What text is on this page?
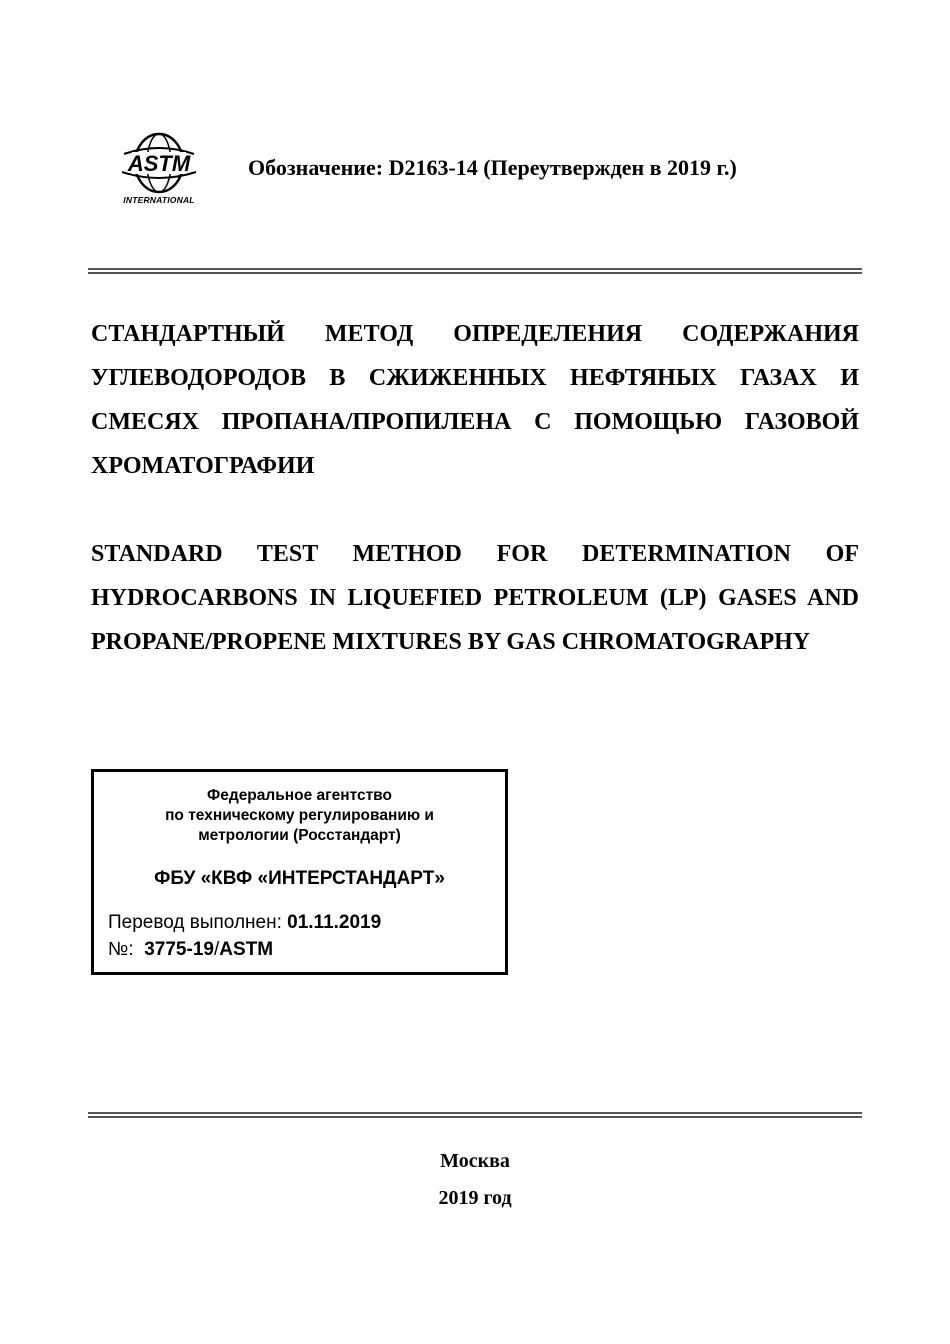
ASTM
INTERNATIONAL
Обозначение: D2163-14 (Переутвержден в 2019 г.)
СТАНДАРТНЫЙ МЕТОД ОПРЕДЕЛЕНИЯ СОДЕРЖАНИЯ УГЛЕВОДОРОДОВ В СЖИЖЕННЫХ НЕФТЯНЫХ ГАЗАХ И СМЕСЯХ ПРОПАНА/ПРОПИЛЕНА С ПОМОЩЬЮ ГАЗОВОЙ ХРОМАТОГРАФИИ
STANDARD TEST METHOD FOR DETERMINATION OF HYDROCARBONS IN LIQUEFIED PETROLEUM (LP) GASES AND PROPANE/PROPENE MIXTURES BY GAS CHROMATOGRAPHY
Федеральное агентство
по техническому регулированию и
метрологии (Росстандарт)
ФБУ «КВФ «ИНТЕРСТАНДАРТ»
Перевод выполнен: 01.11.2019
№: 3775-19/ASTM
Москва
2019 год
